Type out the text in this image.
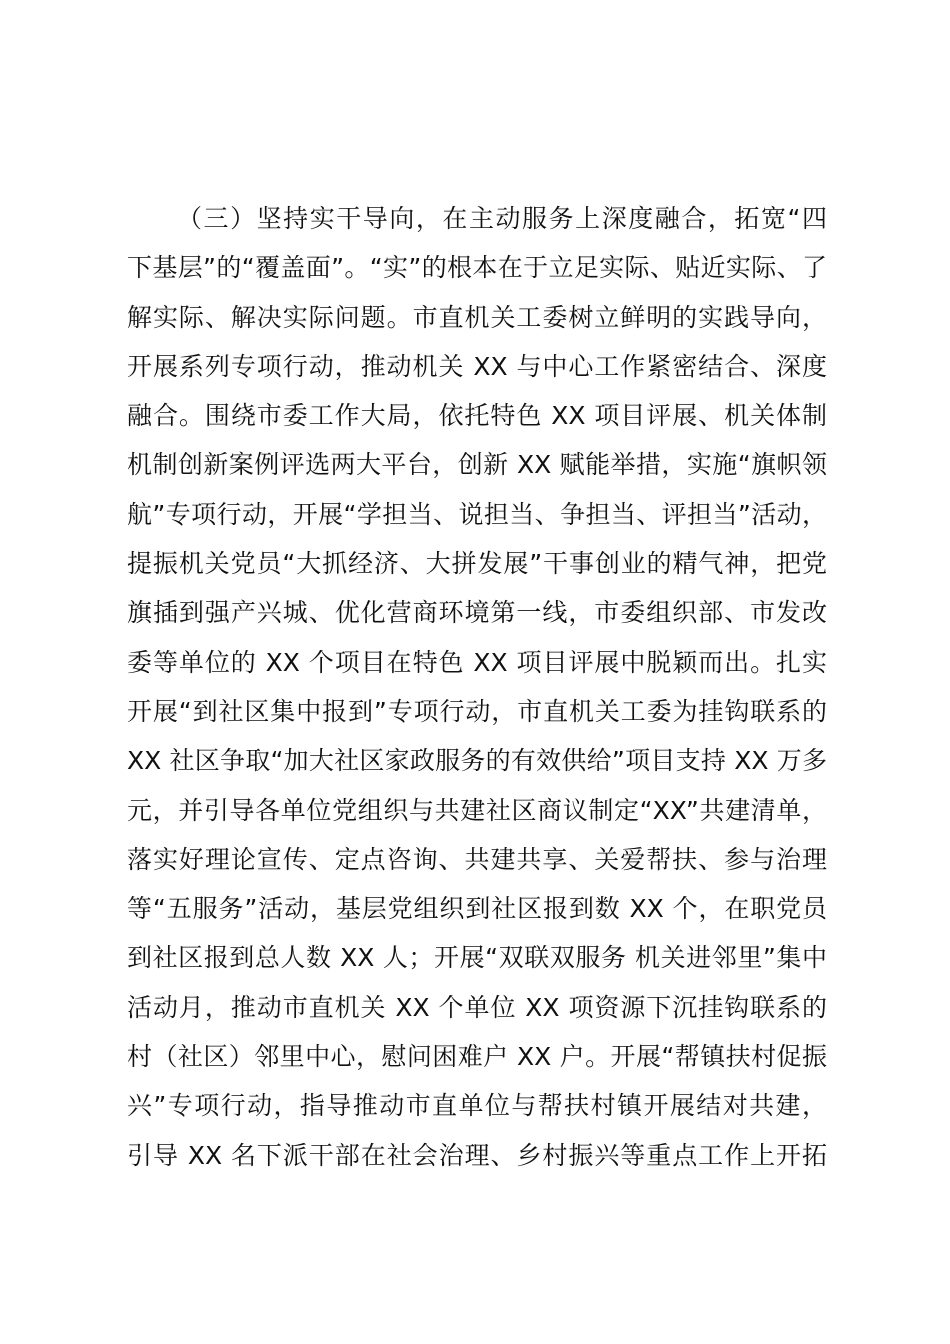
（三）坚持实干导向，在主动服务上深度融合，拓宽“四
下基层”的“覆盖面”。“实”的根本在于立足实际、贴近实际、了
解实际、解决实际问题。市直机关工委树立鲜明的实践导向，
开展系列专项行动，推动机关 XX 与中心工作紧密结合、深度
融合。围绕市委工作大局，依托特色 XX 项目评展、机关体制
机制创新案例评选两大平台，创新 XX 赋能举措，实施“旗帜领
航”专项行动，开展“学担当、说担当、争担当、评担当”活动，
提振机关党员“大抓经济、大拼发展”干事创业的精气神，把党
旗插到强产兴城、优化营商环境第一线，市委组织部、市发改
委等单位的 XX 个项目在特色 XX 项目评展中脱颖而出。扎实
开展“到社区集中报到”专项行动，市直机关工委为挂钩联系的
XX 社区争取“加大社区家政服务的有效供给”项目支持 XX 万多
元，并引导各单位党组织与共建社区商议制定“XX”共建清单，
落实好理论宣传、定点咨询、共建共享、关爱帮扶、参与治理
等“五服务”活动，基层党组织到社区报到数 XX 个，在职党员
到社区报到总人数 XX 人；开展“双联双服务 机关进邻里”集中
活动月，推动市直机关 XX 个单位 XX 项资源下沉挂钩联系的
村（社区）邻里中心，慰问困难户 XX 户。开展“帮镇扶村促振
兴”专项行动，指导推动市直单位与帮扶村镇开展结对共建，
引导 XX 名下派干部在社会治理、乡村振兴等重点工作上开拓
